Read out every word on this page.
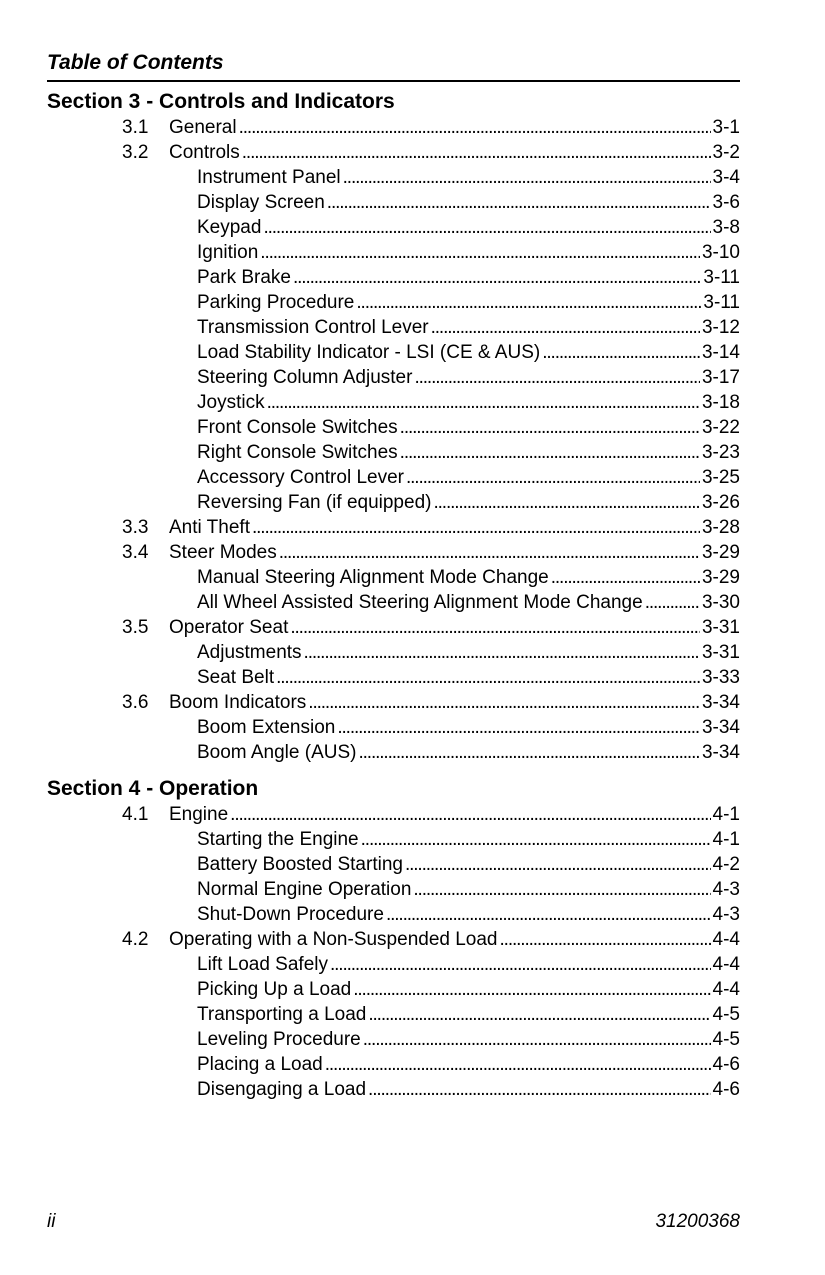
Table of Contents
Section 3 - Controls and Indicators
3.1 General . . .	3-1
3.2 Controls . . .	3-2
Instrument Panel . . .	3-4
Display Screen . . .	3-6
Keypad . . .	3-8
Ignition . . .	3-10
Park Brake . . .	3-11
Parking Procedure . . .	3-11
Transmission Control Lever . . .	3-12
Load Stability Indicator - LSI (CE & AUS) . . .	3-14
Steering Column Adjuster . . .	3-17
Joystick . . .	3-18
Front Console Switches . . .	3-22
Right Console Switches . . .	3-23
Accessory Control Lever . . .	3-25
Reversing Fan (if equipped) . . .	3-26
3.3 Anti Theft . . .	3-28
3.4 Steer Modes . . .	3-29
Manual Steering Alignment Mode Change . . .	3-29
All Wheel Assisted Steering Alignment Mode Change . . .	3-30
3.5 Operator Seat . . .	3-31
Adjustments . . .	3-31
Seat Belt . . .	3-33
3.6 Boom Indicators . . .	3-34
Boom Extension . . .	3-34
Boom Angle (AUS) . . .	3-34
Section 4 - Operation
4.1 Engine . . .	4-1
Starting the Engine . . .	4-1
Battery Boosted Starting . . .	4-2
Normal Engine Operation . . .	4-3
Shut-Down Procedure . . .	4-3
4.2 Operating with a Non-Suspended Load . . .	4-4
Lift Load Safely . . .	4-4
Picking Up a Load . . .	4-4
Transporting a Load . . .	4-5
Leveling Procedure . . .	4-5
Placing a Load . . .	4-6
Disengaging a Load . . .	4-6
ii	31200368
